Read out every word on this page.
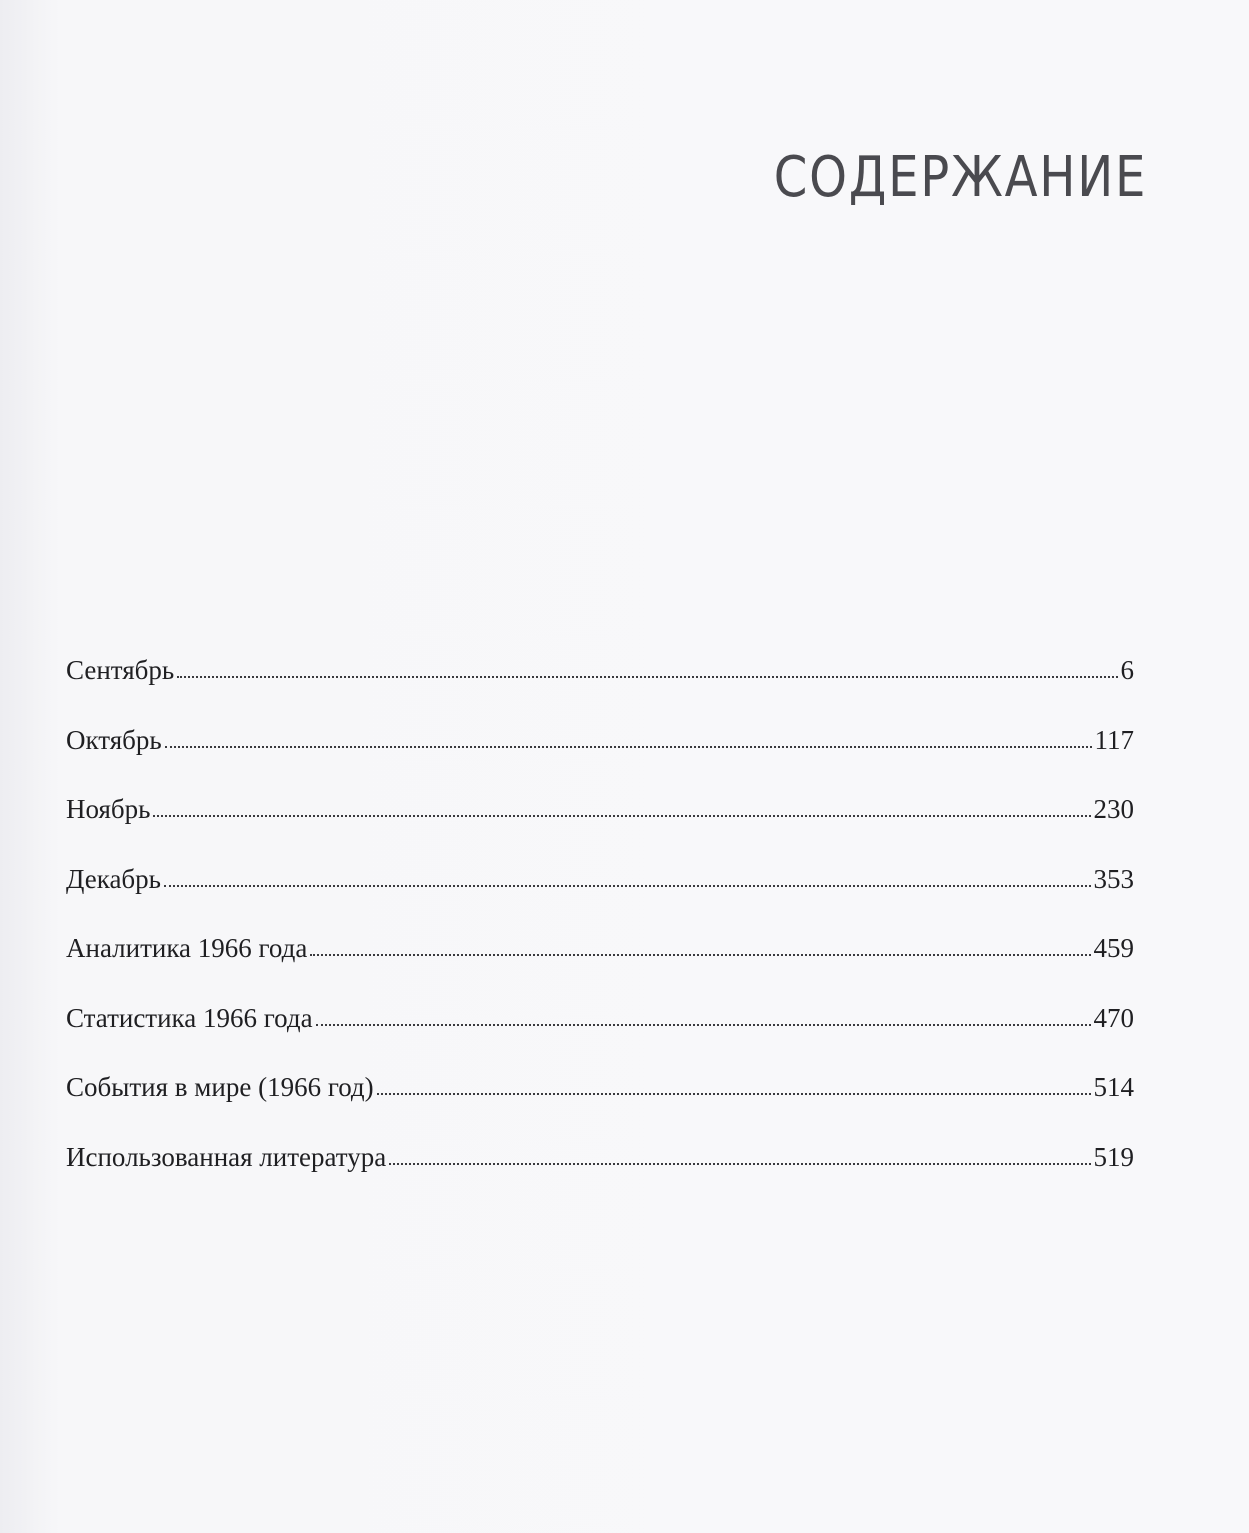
СОДЕРЖАНИЕ
Сентябрь	6
Октябрь	117
Ноябрь	230
Декабрь	353
Аналитика 1966 года	459
Статистика 1966 года	470
События в мире (1966 год)	514
Использованная литература	519
